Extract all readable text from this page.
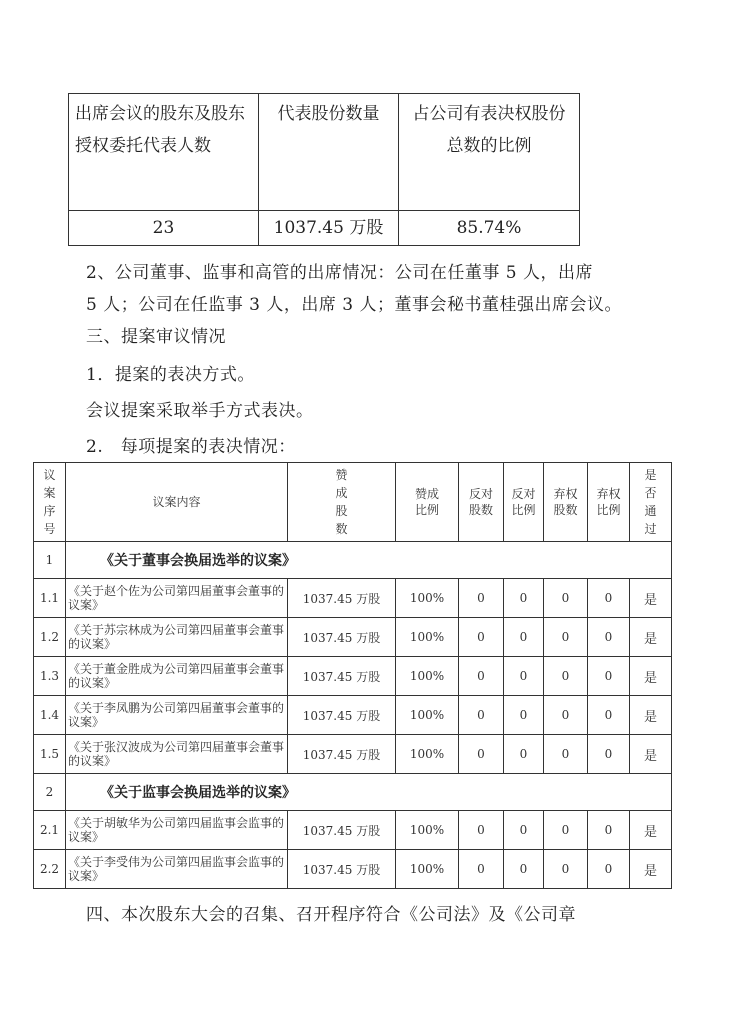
出席会议的股东及股东授权委托代表人数	代表股份数量	占公司有表决权股份总数的比例
23	1037.45 万股	85.74%
2、公司董事、监事和高管的出席情况：公司在任董事 5 人，出席
5 人；公司在任监事 3 人，出席 3 人；董事会秘书董桂强出席会议。
三、提案审议情况
1．提案的表决方式。
会议提案采取举手方式表决。
2.　每项提案的表决情况：
议案序号	议案内容	赞成股数	赞成比例	反对股数	反对比例	弃权股数	弃权比例	是否通过

1	《关于董事会换届选举的议案》							
1.1	《关于赵个佐为公司第四届董事会董事的议案》	1037.45 万股	100%	0	0	0	0	是
1.2	《关于苏宗林成为公司第四届董事会董事的议案》	1037.45 万股	100%	0	0	0	0	是
1.3	《关于董金胜成为公司第四届董事会董事的议案》	1037.45 万股	100%	0	0	0	0	是
1.4	《关于李凤鹏为公司第四届董事会董事的议案》	1037.45 万股	100%	0	0	0	0	是
1.5	《关于张汉波成为公司第四届董事会董事的议案》	1037.45 万股	100%	0	0	0	0	是
2	《关于监事会换届选举的议案》							
2.1	《关于胡敏华为公司第四届监事会监事的议案》	1037.45 万股	100%	0	0	0	0	是
2.2	《关于李受伟为公司第四届监事会监事的议案》	1037.45 万股	100%	0	0	0	0	是
四、本次股东大会的召集、召开程序符合《公司法》及《公司章
